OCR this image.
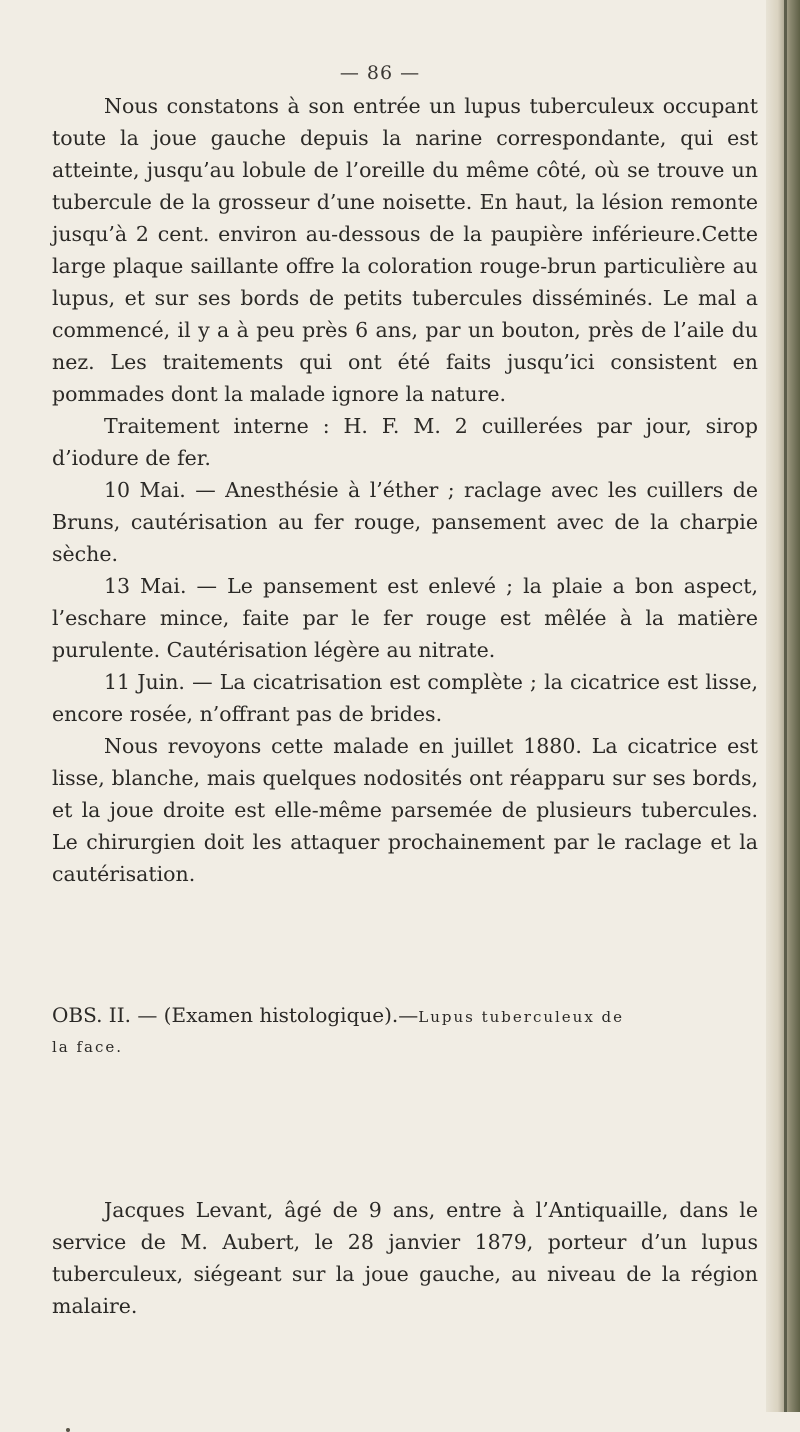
— 86 —

Nous constatons à son entrée un lupus tuberculeux occupant toute la joue gauche depuis la narine correspondante, qui est atteinte, jusqu’au lobule de l’oreille du même côté, où se trouve un tubercule de la grosseur d’une noisette. En haut, la lésion remonte jusqu’à 2 cent. environ au-dessous de la paupière inférieure.Cette large plaque saillante offre la coloration rouge-brun particulière au lupus, et sur ses bords de petits tubercules disséminés. Le mal a commencé, il y a à peu près 6 ans, par un bouton, près de l’aile du nez. Les traitements qui ont été faits jusqu’ici consistent en pommades dont la malade ignore la nature.

Traitement interne : H. F. M. 2 cuillerées par jour, sirop d’iodure de fer.

10 Mai. — Anesthésie à l’éther ; raclage avec les cuillers de Bruns, cautérisation au fer rouge, pansement avec de la charpie sèche.

13 Mai. — Le pansement est enlevé ; la plaie a bon aspect, l’eschare mince, faite par le fer rouge est mêlée à la matière purulente. Cautérisation légère au nitrate.

11 Juin. — La cicatrisation est complète ; la cicatrice est lisse, encore rosée, n’offrant pas de brides.

Nous revoyons cette malade en juillet 1880. La cicatrice est lisse, blanche, mais quelques nodosités ont réapparu sur ses bords, et la joue droite est elle-même parsemée de plusieurs tubercules. Le chirurgien doit les attaquer prochainement par le raclage et la cautérisation.

OBS. II. — (Examen histologique).—Lupus tuberculeux de
la face.

Jacques Levant, âgé de 9 ans, entre à l’Antiquaille, dans le service de M. Aubert, le 28 janvier 1879, porteur d’un lupus tuberculeux, siégeant sur la joue gauche, au niveau de la région malaire.
